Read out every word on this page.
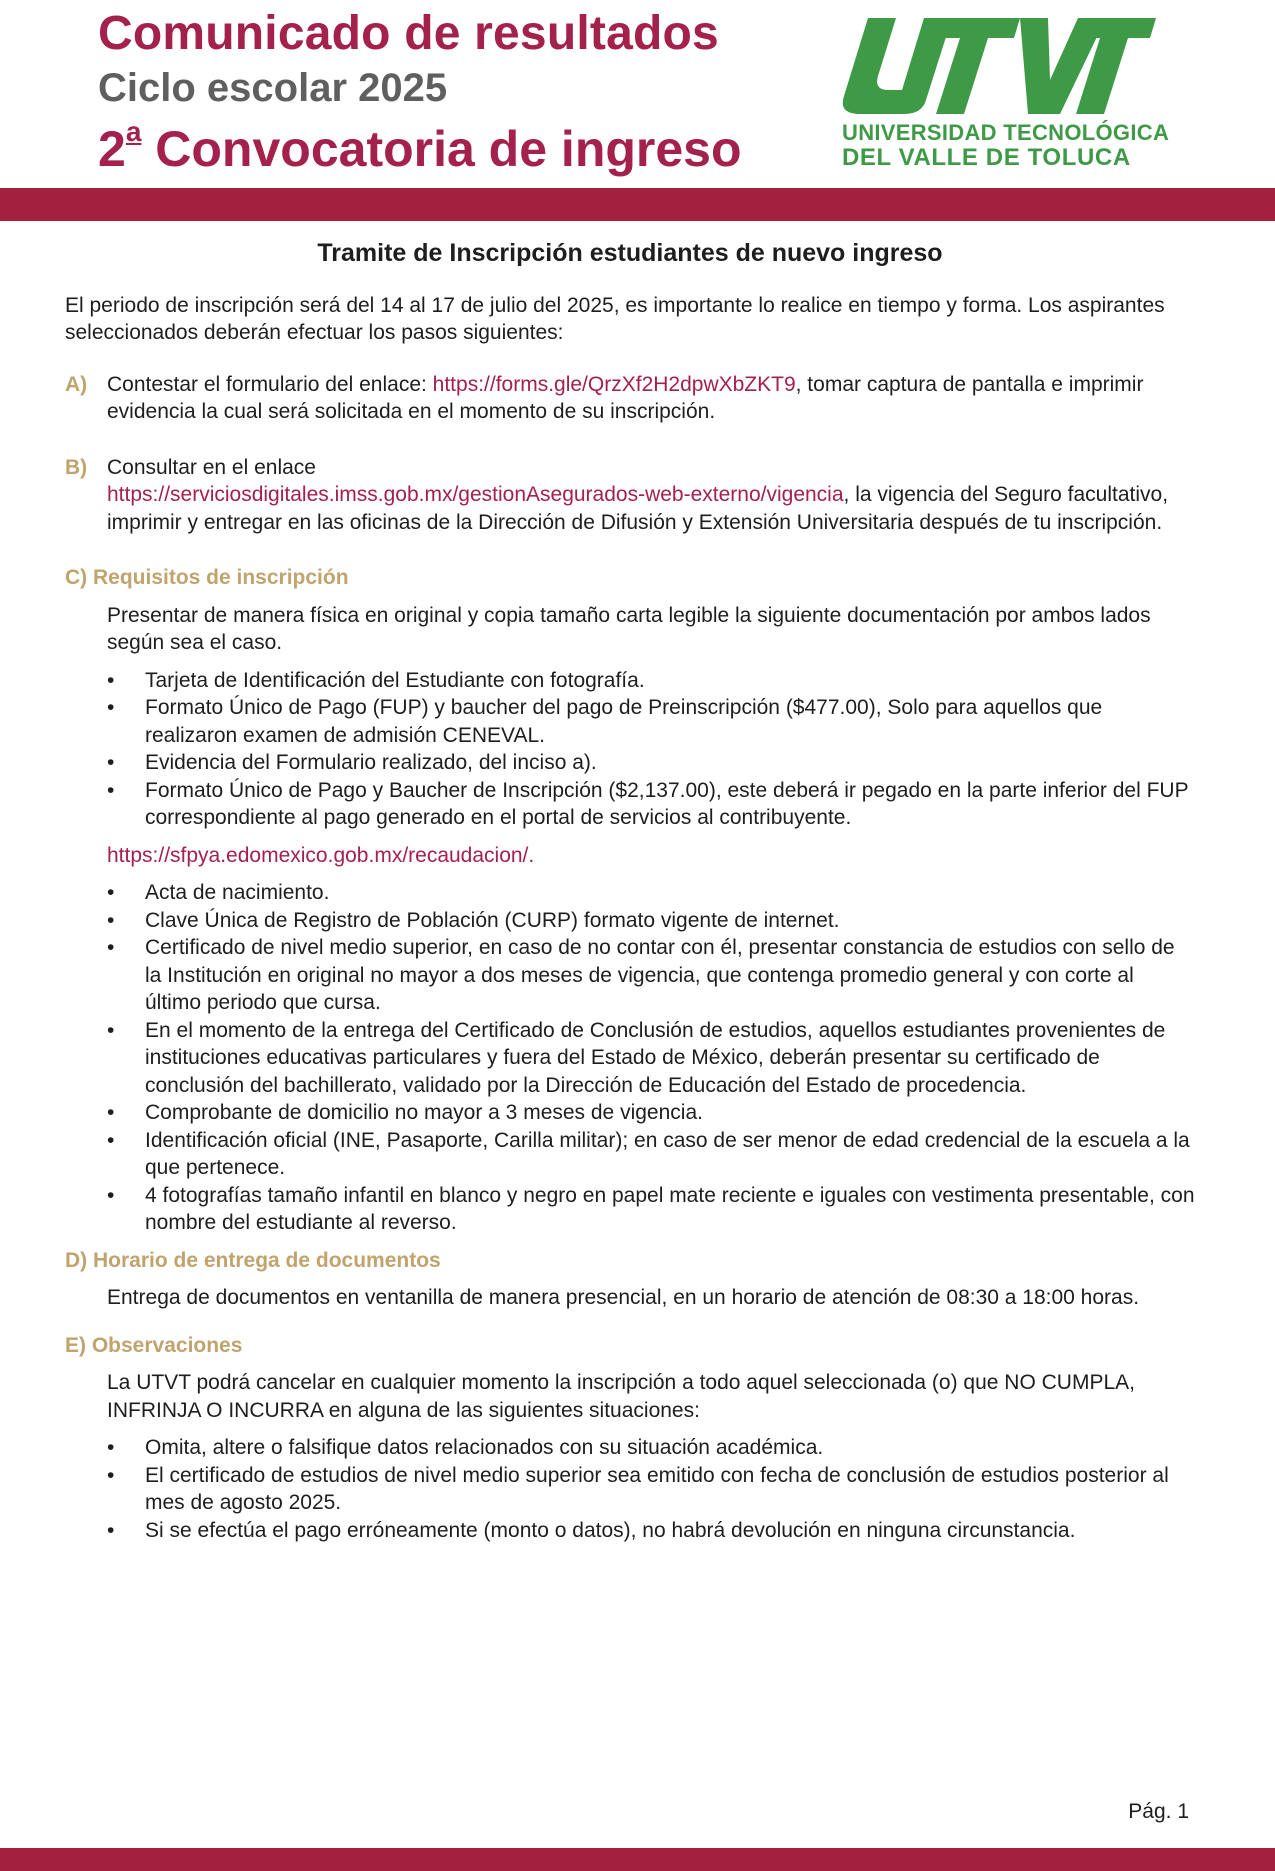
Comunicado de resultados
Ciclo escolar 2025
2$^a$ Convocatoria de ingreso	UNIVERSIDAD TECNOLÓGICA
DEL VALLE DE TOLUCA
Tramite de Inscripción estudiantes de nuevo ingreso

El periodo de inscripción será del 14 al 17 de julio del 2025, es importante lo realice en tiempo y forma. Los aspirantes seleccionados deberán efectuar los pasos siguientes:

A) Contestar el formulario del enlace: https://forms.gle/QrzXf2H2dpwXbZKT9, tomar captura de pantalla e imprimir evidencia la cual será solicitada en el momento de su inscripción.
B) Consultar en el enlace
https://serviciosdigitales.imss.gob.mx/gestionAsegurados-web-externo/vigencia, la vigencia del Seguro facultativo, imprimir y entregar en las oficinas de la Dirección de Difusión y Extensión Universitaria después de tu inscripción.
C) Requisitos de inscripción

Presentar de manera física en original y copia tamaño carta legible la siguiente documentación por ambos lados según sea el caso.

• Tarjeta de Identificación del Estudiante con fotografía.
• Formato Único de Pago (FUP) y baucher del pago de Preinscripción ($477.00), Solo para aquellos que realizaron examen de admisión CENEVAL.
• Evidencia del Formulario realizado, del inciso a).
• Formato Único de Pago y Baucher de Inscripción ($2,137.00), este deberá ir pegado en la parte inferior del FUP correspondiente al pago generado en el portal de servicios al contribuyente.

https://sfpya.edomexico.gob.mx/recaudacion/.

• Acta de nacimiento.
• Clave Única de Registro de Población (CURP) formato vigente de internet.
• Certificado de nivel medio superior, en caso de no contar con él, presentar constancia de estudios con sello de la Institución en original no mayor a dos meses de vigencia, que contenga promedio general y con corte al último periodo que cursa.
• En el momento de la entrega del Certificado de Conclusión de estudios, aquellos estudiantes provenientes de instituciones educativas particulares y fuera del Estado de México, deberán presentar su certificado de conclusión del bachillerato, validado por la Dirección de Educación del Estado de procedencia.
• Comprobante de domicilio no mayor a 3 meses de vigencia.
• Identificación oficial (INE, Pasaporte, Carilla militar); en caso de ser menor de edad credencial de la escuela a la que pertenece.
• 4 fotografías tamaño infantil en blanco y negro en papel mate reciente e iguales con vestimenta presentable, con nombre del estudiante al reverso.
D) Horario de entrega de documentos

Entrega de documentos en ventanilla de manera presencial, en un horario de atención de 08:30 a 18:00 horas.

E) Observaciones

La UTVT podrá cancelar en cualquier momento la inscripción a todo aquel seleccionada (o) que NO CUMPLA, INFRINJA O INCURRA en alguna de las siguientes situaciones:

• Omita, altere o falsifique datos relacionados con su situación académica.
• El certificado de estudios de nivel medio superior sea emitido con fecha de conclusión de estudios posterior al mes de agosto 2025.
• Si se efectúa el pago erróneamente (monto o datos), no habrá devolución en ninguna circunstancia.
Pág. 1
